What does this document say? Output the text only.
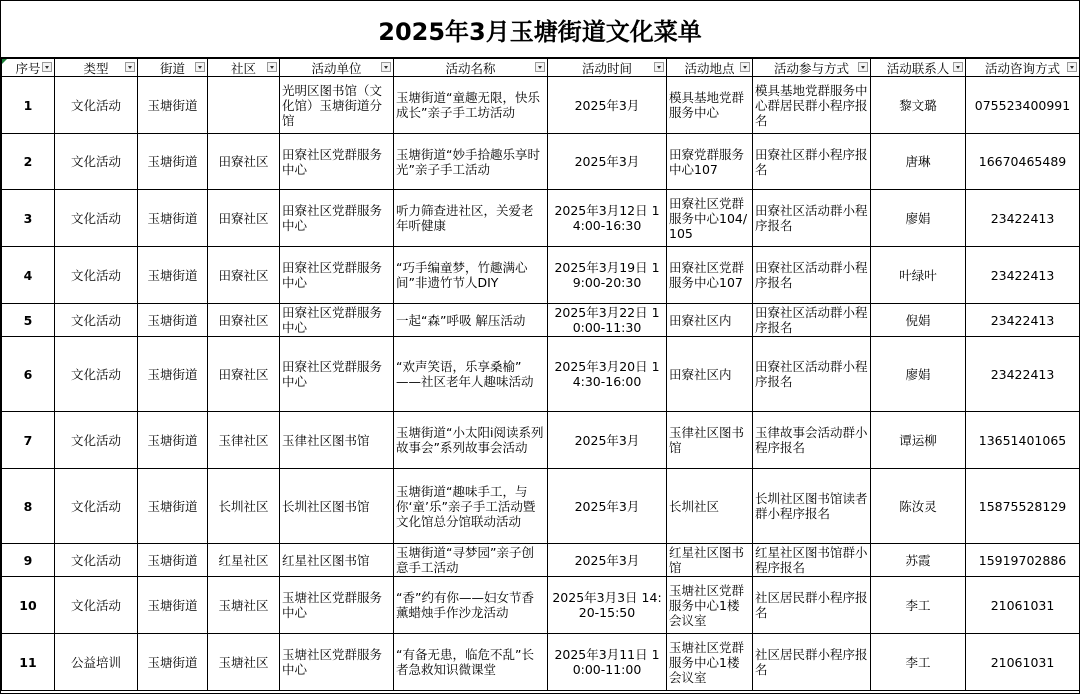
2025年3月玉塘街道文化菜单
序号	类型	街道	社区	活动单位	活动名称	活动时间	活动地点	活动参与方式	活动联系人	活动咨询方式

1	文化活动	玉塘街道		光明区图书馆（文化馆）玉塘街道分馆	玉塘街道“童趣无限，快乐成长”亲子手工坊活动	2025年3月	模具基地党群服务中心	模具基地党群服务中心群居民群小程序报名	黎文璐	075523400991
2	文化活动	玉塘街道	田寮社区	田寮社区党群服务中心	玉塘街道“妙手拾趣乐享时光”亲子手工活动	2025年3月	田寮党群服务中心107	田寮社区群小程序报名	唐琳	16670465489
3	文化活动	玉塘街道	田寮社区	田寮社区党群服务中心	听力筛查进社区，关爱老年听健康	2025年3月12日 14:00-16:30	田寮社区党群服务中心104/105	田寮社区活动群小程序报名	廖娟	23422413
4	文化活动	玉塘街道	田寮社区	田寮社区党群服务中心	“巧手编童梦，竹趣满心间”非遗竹节人DIY	2025年3月19日 19:00-20:30	田寮社区党群服务中心107	田寮社区活动群小程序报名	叶绿叶	23422413
5	文化活动	玉塘街道	田寮社区	田寮社区党群服务中心	一起“森”呼吸 解压活动	2025年3月22日 10:00-11:30	田寮社区内	田寮社区活动群小程序报名	倪娟	23422413
6	文化活动	玉塘街道	田寮社区	田寮社区党群服务中心	“欢声笑语，乐享桑榆” ——社区老年人趣味活动	2025年3月20日 14:30-16:00	田寮社区内	田寮社区活动群小程序报名	廖娟	23422413
7	文化活动	玉塘街道	玉律社区	玉律社区图书馆	玉塘街道“小太阳i阅读系列故事会”系列故事会活动	2025年3月	玉律社区图书馆	玉律故事会活动群小程序报名	谭运柳	13651401065
8	文化活动	玉塘街道	长圳社区	长圳社区图书馆	玉塘街道“趣味手工，与你‘童’乐”亲子手工活动暨文化馆总分馆联动活动	2025年3月	长圳社区	长圳社区图书馆读者群小程序报名	陈汝灵	15875528129
9	文化活动	玉塘街道	红星社区	红星社区图书馆	玉塘街道“寻梦园”亲子创意手工活动	2025年3月	红星社区图书馆	红星社区图书馆群小程序报名	苏霞	15919702886
10	文化活动	玉塘街道	玉塘社区	玉塘社区党群服务中心	“香”约有你——妇女节香薰蜡烛手作沙龙活动	2025年3月3日 14:20-15:50	玉塘社区党群服务中心1楼会议室	社区居民群小程序报名	李工	21061031
11	公益培训	玉塘街道	玉塘社区	玉塘社区党群服务中心	“有备无患，临危不乱”长者急救知识微课堂	2025年3月11日 10:00-11:00	玉塘社区党群服务中心1楼会议室	社区居民群小程序报名	李工	21061031
